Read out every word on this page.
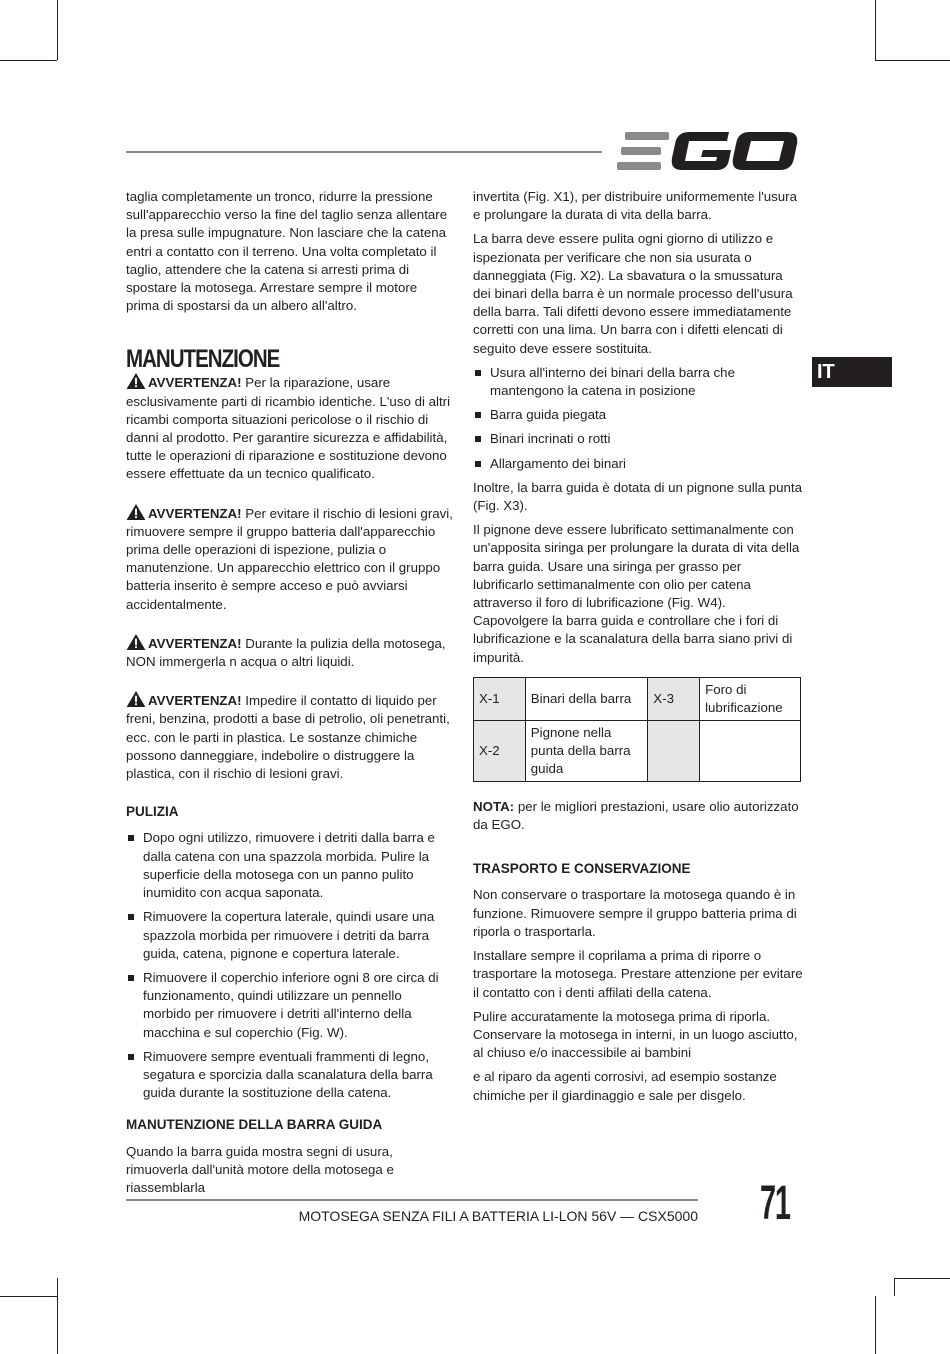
IT

taglia completamente un tronco, ridurre la pressione sull'apparecchio verso la fine del taglio senza allentare la presa sulle impugnature. Non lasciare che la catena entri a contatto con il terreno. Una volta completato il taglio, attendere che la catena si arresti prima di spostare la motosega. Arrestare sempre il motore prima di spostarsi da un albero all'altro.

MANUTENZIONE

AVVERTENZA! Per la riparazione, usare esclusivamente parti di ricambio identiche. L'uso di altri ricambi comporta situazioni pericolose o il rischio di danni al prodotto. Per garantire sicurezza e affidabilità, tutte le operazioni di riparazione e sostituzione devono essere effettuate da un tecnico qualificato.

AVVERTENZA! Per evitare il rischio di lesioni gravi, rimuovere sempre il gruppo batteria dall'apparecchio prima delle operazioni di ispezione, pulizia o manutenzione. Un apparecchio elettrico con il gruppo batteria inserito è sempre acceso e può avviarsi accidentalmente.

AVVERTENZA! Durante la pulizia della motosega, NON immergerla n acqua o altri liquidi.

AVVERTENZA! Impedire il contatto di liquido per freni, benzina, prodotti a base di petrolio, oli penetranti, ecc. con le parti in plastica. Le sostanze chimiche possono danneggiare, indebolire o distruggere la plastica, con il rischio di lesioni gravi.

PULIZIA
Dopo ogni utilizzo, rimuovere i detriti dalla barra e dalla catena con una spazzola morbida. Pulire la superficie della motosega con un panno pulito inumidito con acqua saponata.
Rimuovere la copertura laterale, quindi usare una spazzola morbida per rimuovere i detriti da barra guida, catena, pignone e copertura laterale.
Rimuovere il coperchio inferiore ogni 8 ore circa di funzionamento, quindi utilizzare un pennello morbido per rimuovere i detriti all'interno della macchina e sul coperchio (Fig. W).
Rimuovere sempre eventuali frammenti di legno, segatura e sporcizia dalla scanalatura della barra guida durante la sostituzione della catena.
MANUTENZIONE DELLA BARRA GUIDA

Quando la barra guida mostra segni di usura, rimuoverla dall'unità motore della motosega e riassemblarla

invertita (Fig. X1), per distribuire uniformemente l'usura e prolungare la durata di vita della barra.

La barra deve essere pulita ogni giorno di utilizzo e ispezionata per verificare che non sia usurata o danneggiata (Fig. X2). La sbavatura o la smussatura dei binari della barra è un normale processo dell'usura della barra. Tali difetti devono essere immediatamente corretti con una lima. Un barra con i difetti elencati di seguito deve essere sostituita.

Usura all'interno dei binari della barra che mantengono la catena in posizione
Barra guida piegata
Binari incrinati o rotti
Allargamento dei binari

Inoltre, la barra guida è dotata di un pignone sulla punta (Fig. X3).

Il pignone deve essere lubrificato settimanalmente con un'apposita siringa per prolungare la durata di vita della barra guida. Usare una siringa per grasso per lubrificarlo settimanalmente con olio per catena attraverso il foro di lubrificazione (Fig. W4). Capovolgere la barra guida e controllare che i fori di lubrificazione e la scanalatura della barra siano privi di impurità.

X-1	Binari della barra	X-3	Foro di lubrificazione
X-2	Pignone nella punta della barra guida		

NOTA: per le migliori prestazioni, usare olio autorizzato da EGO.

TRASPORTO E CONSERVAZIONE

Non conservare o trasportare la motosega quando è in funzione. Rimuovere sempre il gruppo batteria prima di riporla o trasportarla.

Installare sempre il coprilama a prima di riporre o trasportare la motosega. Prestare attenzione per evitare il contatto con i denti affilati della catena.

Pulire accuratamente la motosega prima di riporla. Conservare la motosega in interni, in un luogo asciutto, al chiuso e/o inaccessibile ai bambini

e al riparo da agenti corrosivi, ad esempio sostanze chimiche per il giardinaggio e sale per disgelo.

MOTOSEGA SENZA FILI A BATTERIA LI-LON 56V — CSX5000 71
